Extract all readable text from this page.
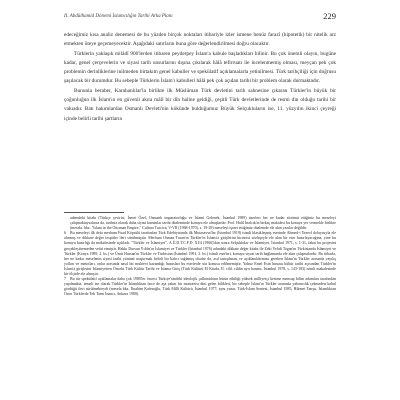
II. Abdülhamid Dönemi İslamcılığın Tarihi Arka Planı	229

edeceğimiz kısa analiz denemesi de bu yüzden birçok noktaları itibariyle izler ismene henüz farazî (hipotetik) bir nitelik arz etmekten öteye geçemeyecektir. Aşağıdaki satırların buna göre değerlendirilmesi doğru olacaktır.

Türklerin yaklaşık milâdî 900'lerden itibaren peyderpey İslam'a kabule başladıkları bilinir. Bu çok önemli olayın, bugüne kadar, genel çerçevelerin ve siyasi tarih unsurlarını dışına çıkılarak hâlâ tefirruatı ile incelenmemiş olması, meyçan pek çok problemin derinliklerine inilmeden birtakım genel kabuller ve spekülatif açıklamalarla yetinilmesi. Türk tarihçiliği için doğrusu şaşılacak bir durumdur. Bu sebeple Türklerin İslam'ı kabulleri hâlâ pek çok açıdan tarihi bir problem olarak durmaktadır.

Bununla beraber, Karahanlılar'la birlikte ilk Müslüman Türk devletini tarih sahnesine çıkaran Türkler'in büyük bir çoğunluğun ilk İslam'ın en güvenli akıta mâlî bir dîn haline geldiği, çeşitli Türk devletlerinde de resmi din olduğu tarihi bir vakıadır. Batı hakımlardan Osmanlı Devleti'nin kökünde bulduğumuz Büyük Selçukluların ise, 11. yüzyılın ikinci çeyreği içinde belirli tarihi şartların

ademdeki kitabı (Türkçe çevirisi, İsmet Özel, Osmanlı imparatorluğu ve İslami Gelenek, İstanbul 1989) üzerleri her ne kadar sözümü ettiğiniz bu meseleyi çalışmaktaysalarsa da, tarihsiz olarak daha siyasi kurumlar tarihi düzleminde konuyu ele almışlardır. Prof. Halil İnalcık'ın birkaç makalesi bu konuya yer vermekle birlikte (mesela. bkz. "Islam in the Ottoman Empire," Cultura Turcica, V-VII (1968-1970), s. 19-29) meseleyi işaret ettiğimiz düzlemde ele alan yazılar değildir.

6 Bu meseleyi ilk defa merhum Fuad Köprülü tarafından Türk Edebiyatında ilk Mutasavvıflar (İstanbul 1919) isimli klasikleşmiş eserinde Ahmed-i Yesevî dolayısıyla ele alınmış ve dikkate değer tespitler ileri sürülmüştür. Merhum Osman Turan'ın Türkler'in İslamı'a girişlerini birincisi sözleşeyle ele alan bir eser hazırlayacağına, yine bu konuyu hazırlığı da makalesinde açıkladı. "Türkler ve İslamiyet", A.Ü.D.T.C.F.D. XI/4 (1966)'dan sonra Selçuklular ve İslamiyet, İstanbul 1971, s. 1-31, fakat bu projesini gerçekleştiremeden vefat etmiştir. Hakkı Dursun Yıldız'ın İslamiyet ve Türkler (İstanbul 1976) adındaki dikkate değer kitabı ile Zeki Velidi Togan'ın Türkistanda İslamiyet ve Türkler (Konya 1989, 2. bs.) ve Ümit Hassan'ın Türkler ve Türkistan (İstanbul 1991, 2. bs.) isimli eserleri, konuyu siyasi tarih bağlamında ele alan çalışmalardır. Bu itibarla, her ne kadar meselenin siyasi tarihi yönünü araştırmak belirli bir kalıcı sağlamış olsalar da, asıl tartışılması ve açıklanıldırması gereken İslam'ın Türkler arasında yayılış yolları ve metotları, onlar arasında nasıl bir muhtevi kazandığı hususları bu eserlerde söz konusu edilmemiştir. Yalnız Emel Esin hususu kültür tarihi açısından Türkler'in İslam'a girişlerini İslamiyetten Önceki Türk Kültür Tarihi ve İslama Giriş (Türk Kültürü El Kitabı, II. cild, cildin ayrı basımı, İstanbul 1978, s. 143-183) isimli makalesinde bir ölçüde ele almıştır.

7 Bu tür spekülatif açıklamalar daha çok 1980'ler öncesi Türkiye'sindeki ideolojik çalkantıların bütün etkiliği yüksek milliyetçi kesime mensup bilim adamları tarafından yapılmakta, temeli ise olarak Türkler'in İslamlıktan önce de aşa yakın bir monoteist dini gelen bilikleri, bir sebeple İslam'ın Türkler arasında yabancılık çekmeden kabul gördüğü ileri sürülmekteydi (mesela bkz. İbrahim Kafesoğlu, Türk Milli Kültürü, İstanbul 1977; aynı yazar, Türk-İslam Sentezi, İstanbul 1985, Hikmet Tanyu, İslamlıktan Önce Türklerde Tek Tanrı İnancı, Ankara 1980).
